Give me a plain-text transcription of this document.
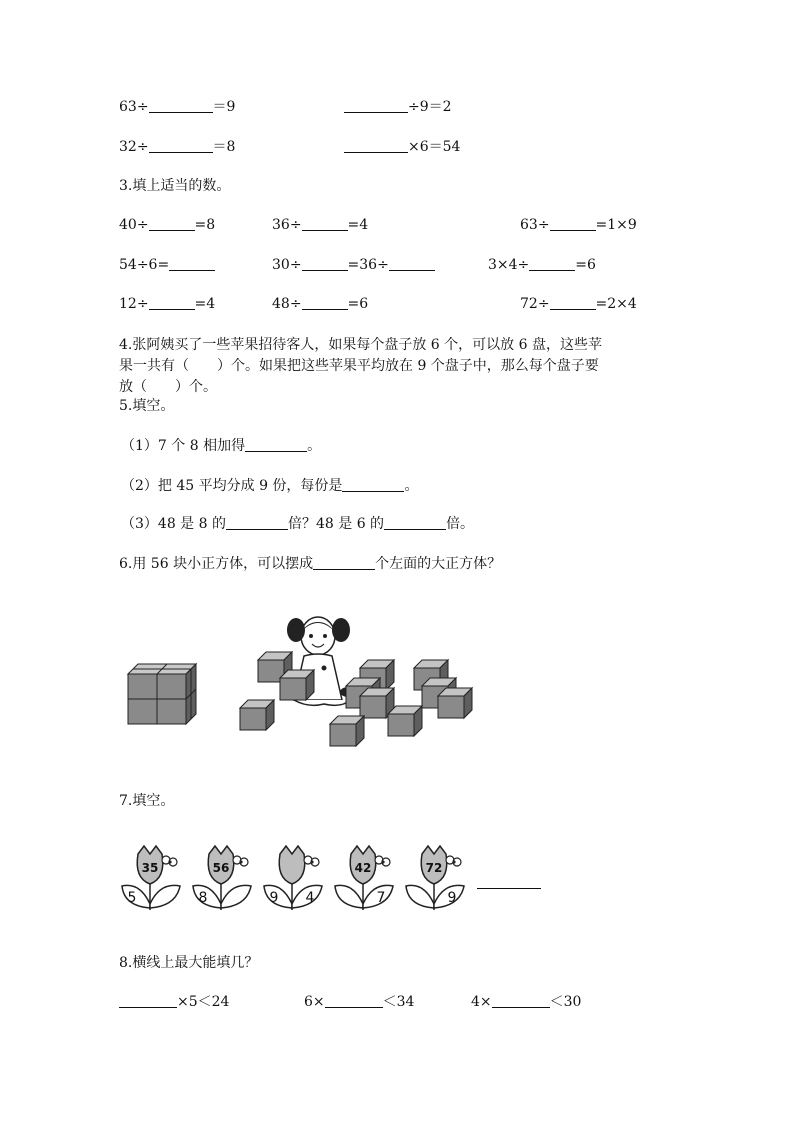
63÷	＝9	÷9＝2
32÷	＝8	×6＝54
3.填上适当的数。
40÷	=8	36÷	=4	63÷	=1×9
54÷6=	30÷	=36÷	3×4÷	=6
12÷	=4	48÷	=6	72÷	=2×4
4.张阿姨买了一些苹果招待客人，如果每个盘子放 6 个，可以放 6 盘，这些苹
果一共有（　　）个。如果把这些苹果平均放在 9 个盘子中，那么每个盘子要
放（　　）个。
5.填空。
（1）7 个 8 相加得	。
（2）把 45 平均分成 9 份，每份是	。
（3）48 是 8 的	倍？48 是 6 的	倍。
6.用 56 块小正方体，可以摆成	个左面的大正方体？
7.填空。
35
5
56
8	9 4
42
7
72
9
8.横线上最大能填几？
×5＜24	6×	＜34	4×	＜30
